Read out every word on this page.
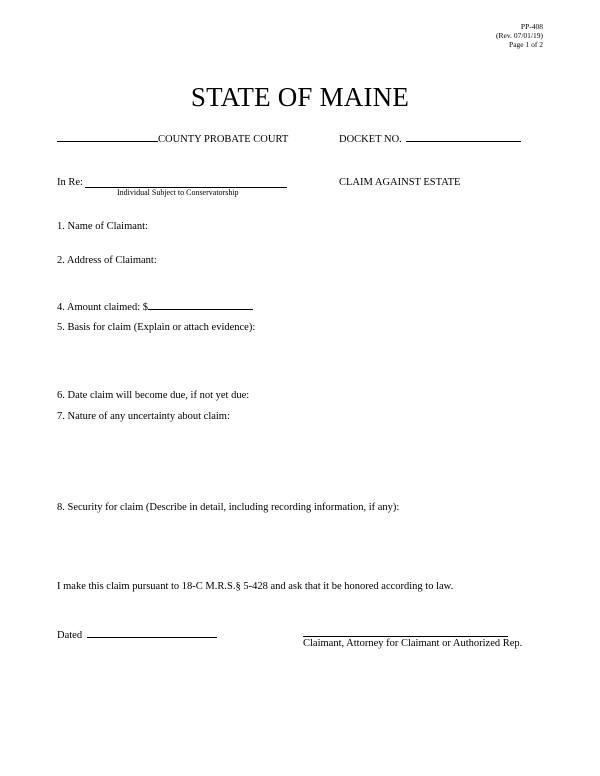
PP-408
(Rev. 07/01/19)
Page 1 of 2
STATE OF MAINE
COUNTY PROBATE COURT	DOCKET NO.
In Re:
Individual Subject to Conservatorship
CLAIM AGAINST ESTATE
1. Name of Claimant:
2. Address of Claimant:
4. Amount claimed: $
5. Basis for claim (Explain or attach evidence):
6. Date claim will become due, if not yet due:
7. Nature of any uncertainty about claim:
8. Security for claim (Describe in detail, including recording information, if any):
I make this claim pursuant to 18-C M.R.S.§ 5-428 and ask that it be honored according to law.
Dated
Claimant, Attorney for Claimant or Authorized Rep.
